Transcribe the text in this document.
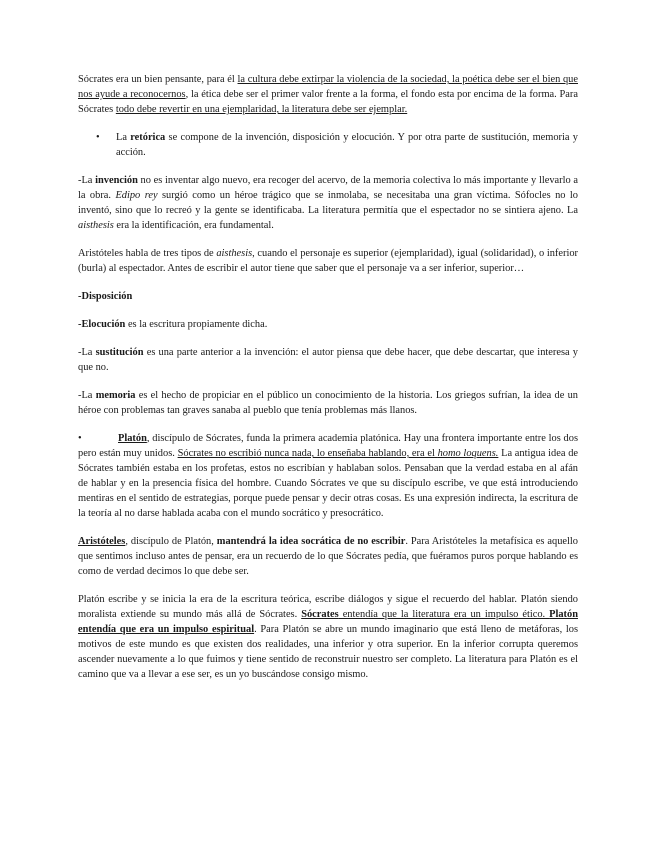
Sócrates era un bien pensante, para él la cultura debe extirpar la violencia de la sociedad, la poética debe ser el bien que nos ayude a reconocernos, la ética debe ser el primer valor frente a la forma, el fondo esta por encima de la forma. Para Sócrates todo debe revertir en una ejemplaridad, la literatura debe ser ejemplar.

• La retórica se compone de la invención, disposición y elocución. Y por otra parte de sustitución, memoria y acción.

-La invención no es inventar algo nuevo, era recoger del acervo, de la memoria colectiva lo más importante y llevarlo a la obra. Edipo rey surgió como un héroe trágico que se inmolaba, se necesitaba una gran víctima. Sófocles no lo inventó, sino que lo recreó y la gente se identificaba. La literatura permitía que el espectador no se sintiera ajeno. La aisthesis era la identificación, era fundamental.

Aristóteles habla de tres tipos de aisthesis, cuando el personaje es superior (ejemplaridad), igual (solidaridad), o inferior (burla) al espectador. Antes de escribir el autor tiene que saber que el personaje va a ser inferior, superior…

-Disposición

-Elocución es la escritura propiamente dicha.

-La sustitución es una parte anterior a la invención: el autor piensa que debe hacer, que debe descartar, que interesa y que no.

-La memoria es el hecho de propiciar en el público un conocimiento de la historia. Los griegos sufrían, la idea de un héroe con problemas tan graves sanaba al pueblo que tenía problemas más llanos.

•	Platón, discípulo de Sócrates, funda la primera academia platónica. Hay una frontera importante entre los dos pero están muy unidos. Sócrates no escribió nunca nada, lo enseñaba hablando, era el homo loquens. La antigua idea de Sócrates también estaba en los profetas, estos no escribían y hablaban solos. Pensaban que la verdad estaba en al afán de hablar y en la presencia física del hombre. Cuando Sócrates ve que su discípulo escribe, ve que está introduciendo mentiras en el sentido de estrategias, porque puede pensar y decir otras cosas. Es una expresión indirecta, la escritura de la teoría al no darse hablada acaba con el mundo socrático y presocrático.

Aristóteles, discípulo de Platón, mantendrá la idea socrática de no escribir. Para Aristóteles la metafísica es aquello que sentimos incluso antes de pensar, era un recuerdo de lo que Sócrates pedía, que fuéramos puros porque hablando es como de verdad decimos lo que debe ser.

Platón escribe y se inicia la era de la escritura teórica, escribe diálogos y sigue el recuerdo del hablar. Platón siendo moralista extiende su mundo más allá de Sócrates. Sócrates entendía que la literatura era un impulso ético. Platón entendía que era un impulso espiritual. Para Platón se abre un mundo imaginario que está lleno de metáforas, los motivos de este mundo es que existen dos realidades, una inferior y otra superior. En la inferior corrupta queremos ascender nuevamente a lo que fuimos y tiene sentido de reconstruir nuestro ser completo. La literatura para Platón es el camino que va a llevar a ese ser, es un yo buscándose consigo mismo.
